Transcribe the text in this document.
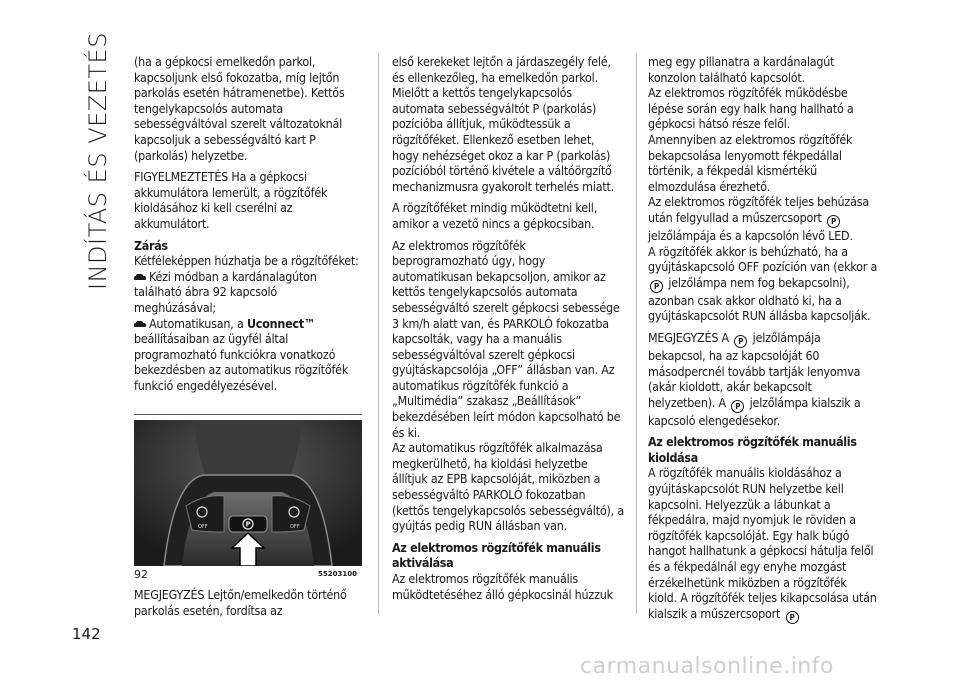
INDÍTÁS ÉS VEZETÉS
142

(ha a gépkocsi emelkedőn parkol, kapcsoljunk első fokozatba, míg lejtőn parkolás esetén hátramenetbe). Kettős tengelykapcsolós automata sebességváltóval szerelt változatoknál kapcsoljuk a sebességváltó kart P (parkolás) helyzetbe.

FIGYELMEZTETÉS Ha a gépkocsi akkumulátora lemerült, a rögzítőfék kioldásához ki kell cserélni az akkumulátort.

Zárás

Kétféleképpen húzhatja be a rögzítőféket:

Kézi módban a kardánalagúton található ábra 92 kapcsoló meghúzásával;

Automatikusan, a Uconnect™ beállításaiban az ügyfél által programozható funkciókra vonatkozó bekezdésben az automatikus rögzítőfék funkció engedélyezésével.

OFF	OFF
P
92	55203100
MEGJEGYZÉS Lejtőn/emelkedőn történő parkolás esetén, fordítsa az

első kerekeket lejtőn a járdaszegély felé, és ellenkezőleg, ha emelkedőn parkol. Mielőtt a kettős tengelykapcsolós automata sebességváltót P (parkolás) pozícióba állítjuk, működtessük a rögzítőféket. Ellenkező esetben lehet, hogy nehézséget okoz a kar P (parkolás) pozícióból történő kivétele a váltóörgzítő mechanizmusra gyakorolt terhelés miatt.

A rögzítőféket mindig működtetni kell, amikor a vezető nincs a gépkocsiban.

Az elektromos rögzítőfék beprogramozható úgy, hogy automatikusan bekapcsoljon, amikor az kettős tengelykapcsolós automata sebességváltó szerelt gépkocsi sebessége 3 km/h alatt van, és PARKOLÓ fokozatba kapcsolták, vagy ha a manuális sebességváltóval szerelt gépkocsi gyújtáskapcsolója „OFF” állásban van. Az automatikus rögzítőfék funkció a „Multimédia” szakasz „Beállítások” bekezdésében leírt módon kapcsolható be és ki.

Az automatikus rögzítőfék alkalmazása megkerülhető, ha kioldási helyzetbe állítjuk az EPB kapcsolóját, miközben a sebességváltó PARKOLÓ fokozatban (kettős tengelykapcsolós sebességváltó), a gyújtás pedig RUN állásban van.

Az elektromos rögzítőfék manuális aktiválása

Az elektromos rögzítőfék manuális működtetéséhez álló gépkocsinál húzzuk

meg egy pillanatra a kardánalagút konzolon található kapcsolót.

Az elektromos rögzítőfék működésbe lépése során egy halk hang hallható a gépkocsi hátsó része felől.

Amennyiben az elektromos rögzítőfék bekapcsolása lenyomott fékpedállal történik, a fékpedál kismértékű elmozdulása érezhető.

Az elektromos rögzítőfék teljes behúzása után felgyullad a műszercsoport P jelzőlámpája és a kapcsolón lévő LED.

A rögzítőfék akkor is behúzható, ha a gyújtáskapcsoló OFF pozíción van (ekkor a P jelzőlámpa nem fog bekapcsolni), azonban csak akkor oldható ki, ha a gyújtáskapcsolót RUN állásba kapcsolják.

MEGJEGYZÉS A P jelzőlámpája bekapcsol, ha az kapcsolóját 60 másodpercnél tovább tartják lenyomva (akár kioldott, akár bekapcsolt helyzetben). A P jelzőlámpa kialszik a kapcsoló elengedésekor.

Az elektromos rögzítőfék manuális kioldása

A rögzítőfék manuális kioldásához a gyújtáskapcsolót RUN helyzetbe kell kapcsolni. Helyezzük a lábunkat a fékpedálra, majd nyomjuk le röviden a rögzítőfék kapcsolóját. Egy halk búgó hangot hallhatunk a gépkocsi hátulja felől és a fékpedálnál egy enyhe mozgást érzékelhetünk miközben a rögzítőfék kiold. A rögzítőfék teljes kikapcsolása után kialszik a műszercsoport P

carmanualsonline.info
